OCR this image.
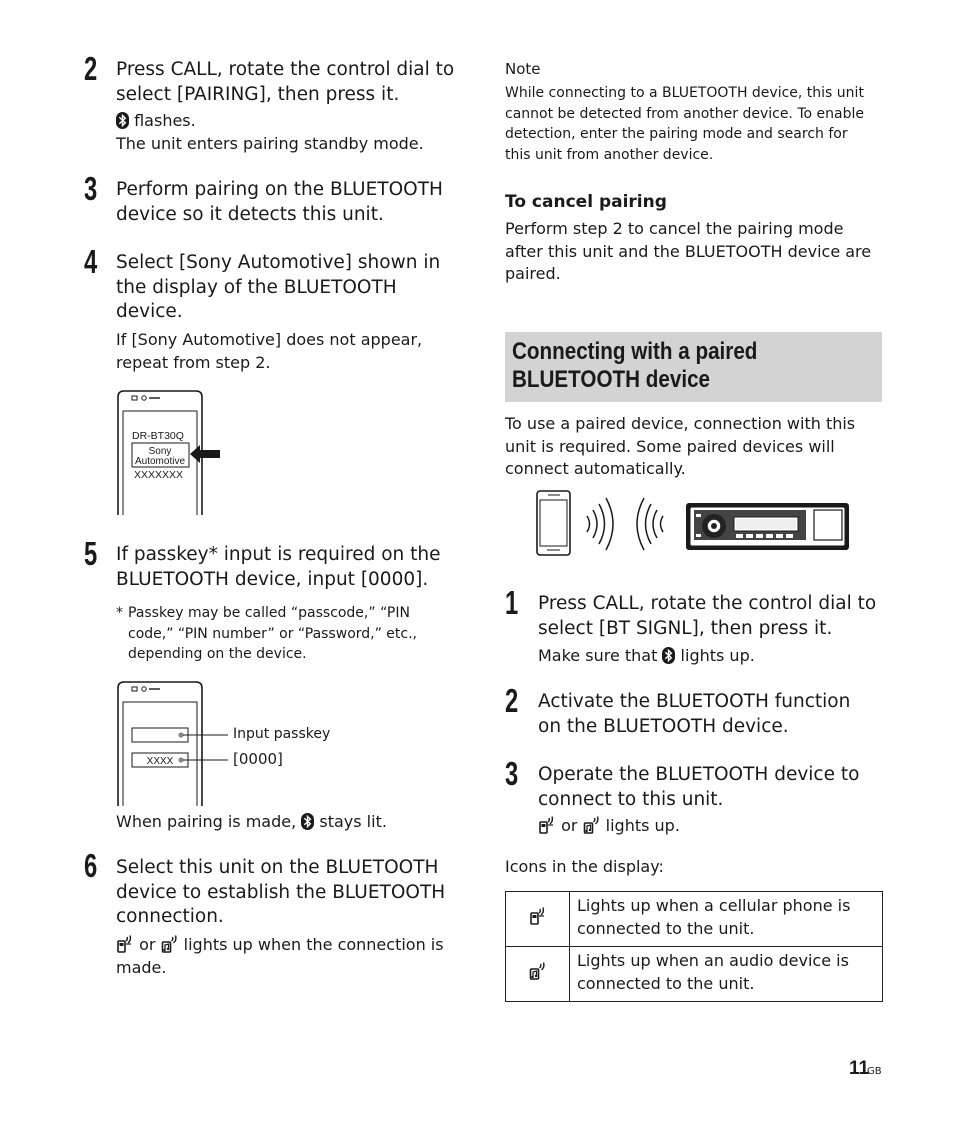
2 Press CALL, rotate the control dial to
select [PAIRING], then press it.
flashes.
The unit enters pairing standby mode.
3 Perform pairing on the BLUETOOTH
device so it detects this unit.
4 Select [Sony Automotive] shown in
the display of the BLUETOOTH
device.
If [Sony Automotive] does not appear,
repeat from step 2.
DR-BT30Q
Sony
Automotive
XXXXXXX
5 If passkey* input is required on the
BLUETOOTH device, input [0000].
* Passkey may be called “passcode,” “PIN
code,” “PIN number” or “Password,” etc.,
depending on the device.
XXXX
Input passkey
[0000]
When pairing is made, stays lit.
6 Select this unit on the BLUETOOTH
device to establish the BLUETOOTH
connection.
or lights up when the connection is
made.
Note
While connecting to a BLUETOOTH device, this unit
cannot be detected from another device. To enable
detection, enter the pairing mode and search for
this unit from another device.
To cancel pairing
Perform step 2 to cancel the pairing mode
after this unit and the BLUETOOTH device are
paired.
Connecting with a paired
BLUETOOTH device
To use a paired device, connection with this
unit is required. Some paired devices will
connect automatically.
1 Press CALL, rotate the control dial to
select [BT SIGNL], then press it.
Make sure that lights up.
2 Activate the BLUETOOTH function
on the BLUETOOTH device.
3 Operate the BLUETOOTH device to
connect to this unit.
or lights up.
Icons in the display:

Lights up when a cellular phone is
connected to the unit.

Lights up when an audio device is
connected to the unit.
11
GB
